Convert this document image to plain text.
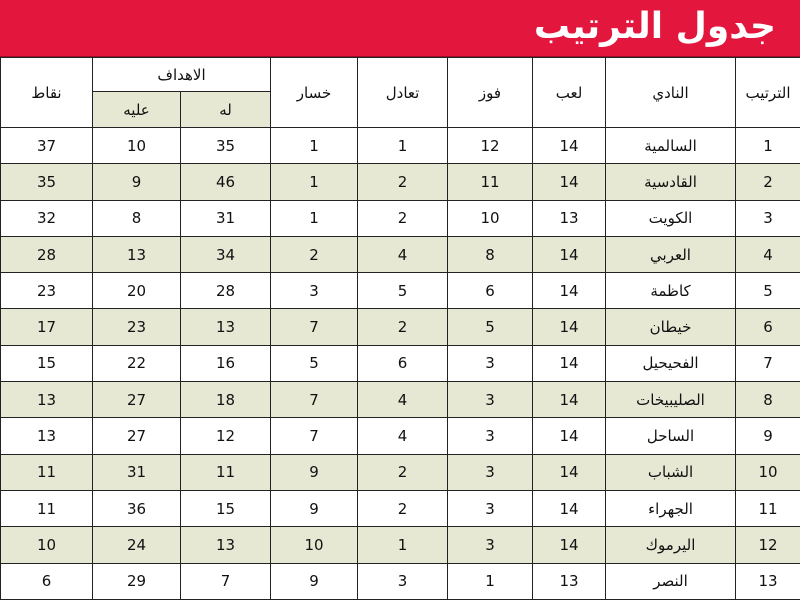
جدول الترتيب
الترتيب	النادي	لعب	فوز	تعادل	خسار	الاهداف		نقاط
						له	عليه	
1	السالمية	14	12	1	1	35	10	37
2	القادسية	14	11	2	1	46	9	35
3	الكويت	13	10	2	1	31	8	32
4	العربي	14	8	4	2	34	13	28
5	كاظمة	14	6	5	3	28	20	23
6	خيطان	14	5	2	7	13	23	17
7	الفحيحيل	14	3	6	5	16	22	15
8	الصليبيخات	14	3	4	7	18	27	13
9	الساحل	14	3	4	7	12	27	13
10	الشباب	14	3	2	9	11	31	11
11	الجهراء	14	3	2	9	15	36	11
12	اليرموك	14	3	1	10	13	24	10
13	النصر	13	1	3	9	7	29	6
